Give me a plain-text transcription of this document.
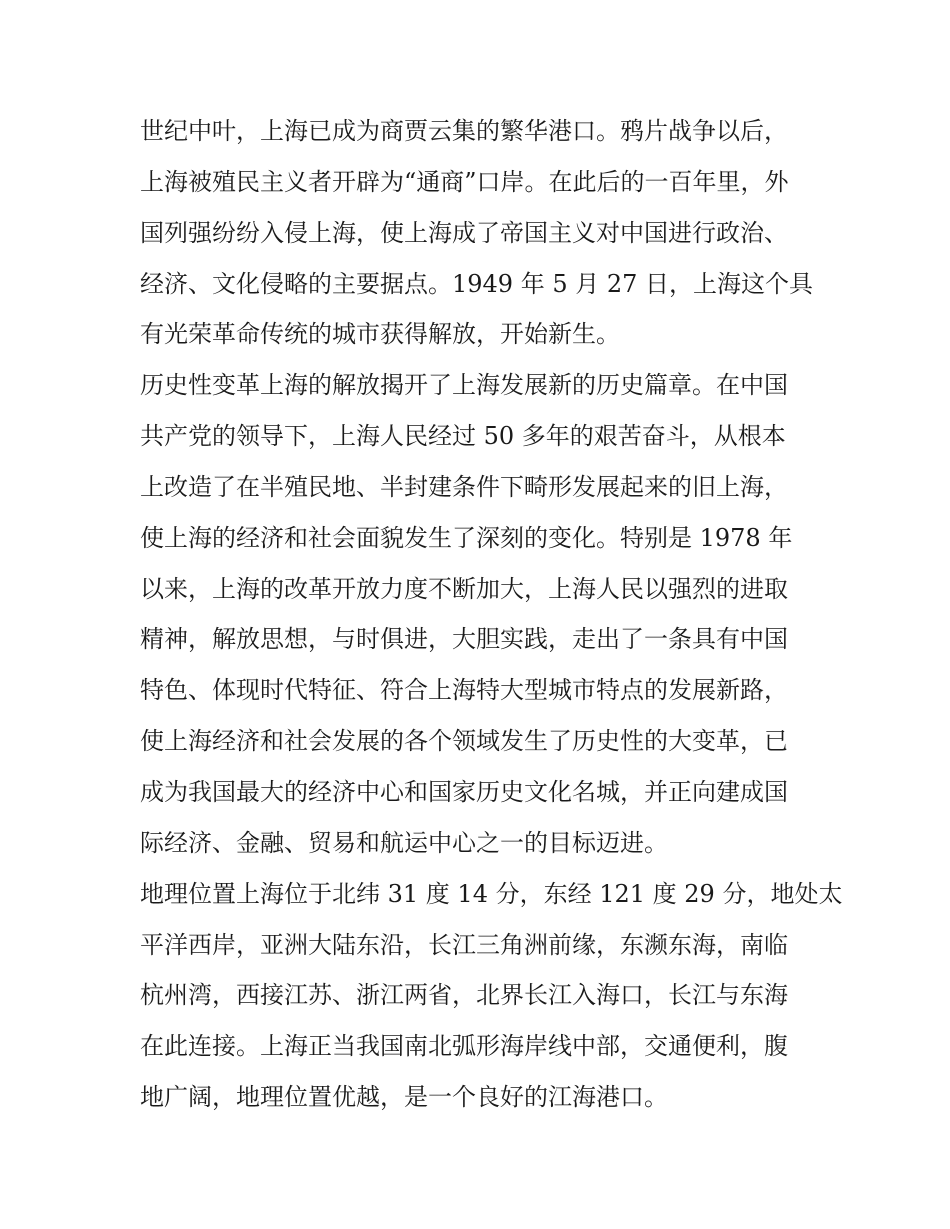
世纪中叶，上海已成为商贾云集的繁华港口。鸦片战争以后，
上海被殖民主义者开辟为“通商”口岸。在此后的一百年里，外
国列强纷纷入侵上海，使上海成了帝国主义对中国进行政治、
经济、文化侵略的主要据点。1949 年 5 月 27 日，上海这个具
有光荣革命传统的城市获得解放，开始新生。
历史性变革上海的解放揭开了上海发展新的历史篇章。在中国
共产党的领导下，上海人民经过 50 多年的艰苦奋斗，从根本
上改造了在半殖民地、半封建条件下畸形发展起来的旧上海，
使上海的经济和社会面貌发生了深刻的变化。特别是 1978 年
以来，上海的改革开放力度不断加大，上海人民以强烈的进取
精神，解放思想，与时俱进，大胆实践，走出了一条具有中国
特色、体现时代特征、符合上海特大型城市特点的发展新路，
使上海经济和社会发展的各个领域发生了历史性的大变革，已
成为我国最大的经济中心和国家历史文化名城，并正向建成国
际经济、金融、贸易和航运中心之一的目标迈进。
地理位置上海位于北纬 31 度 14 分，东经 121 度 29 分，地处太
平洋西岸，亚洲大陆东沿，长江三角洲前缘，东濒东海，南临
杭州湾，西接江苏、浙江两省，北界长江入海口，长江与东海
在此连接。上海正当我国南北弧形海岸线中部，交通便利，腹
地广阔，地理位置优越，是一个良好的江海港口。
